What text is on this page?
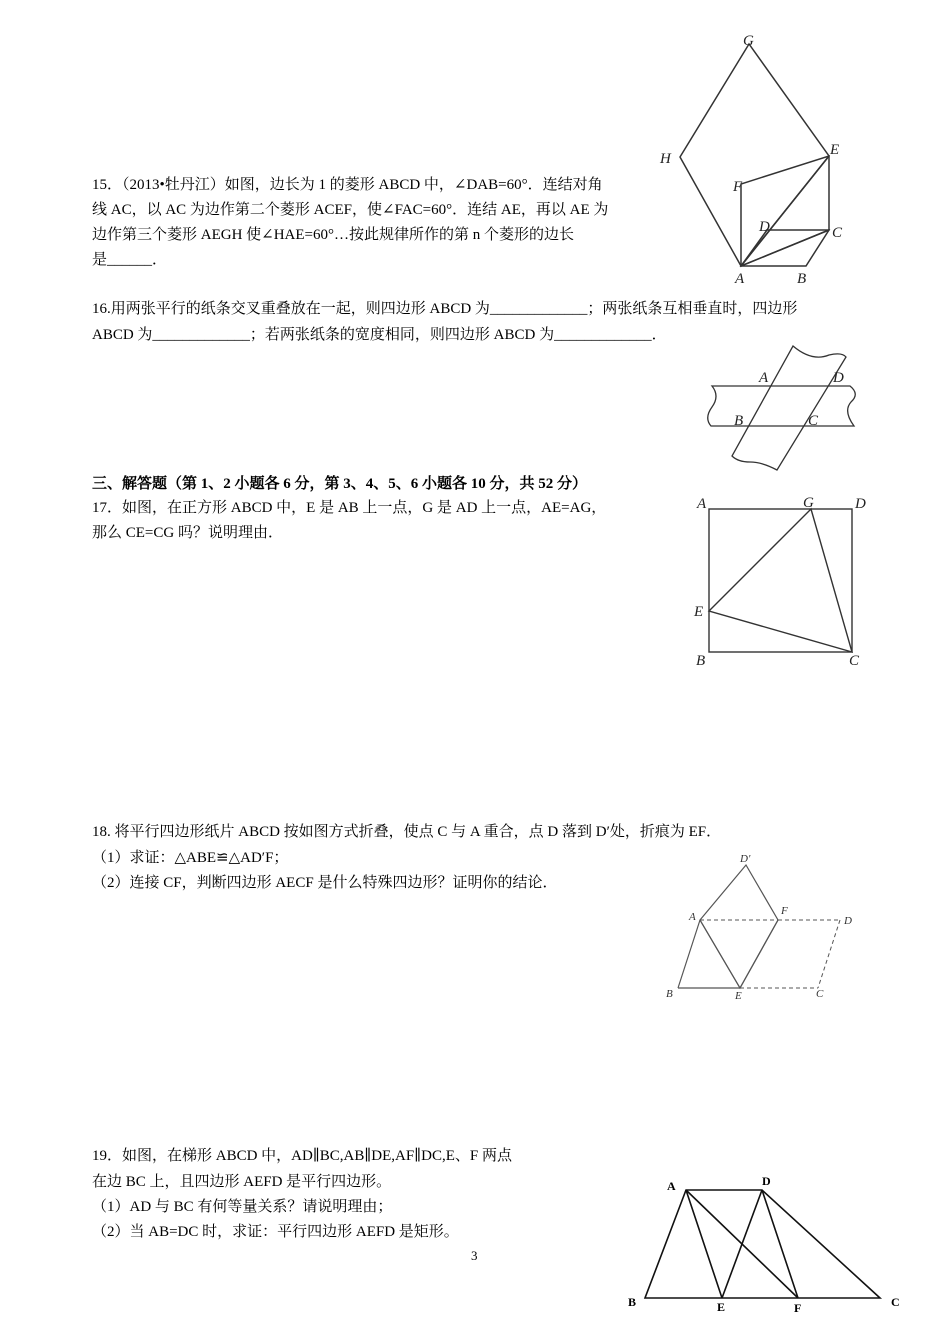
15．（2013•牡丹江）如图，边长为 1 的菱形 ABCD 中，∠DAB=60°．连结对角
线 AC，以 AC 为边作第二个菱形 ACEF，使∠FAC=60°．连结 AE，再以 AE 为
边作第三个菱形 AEGH 使∠HAE=60°…按此规律所作的第 n 个菱形的边长
是______．
G
H
E
F
D	C
A	B
16.用两张平行的纸条交叉重叠放在一起，则四边形 ABCD 为_____________；两张纸条互相垂直时，四边形
ABCD 为_____________；若两张纸条的宽度相同，则四边形 ABCD 为_____________．
A	D
B	C
三、解答题（第 1、2 小题各 6 分，第 3、4、5、6 小题各 10 分，共 52 分）
17．如图，在正方形 ABCD 中，E 是 AB 上一点，G 是 AD 上一点，AE=AG，
那么 CE=CG 吗？说明理由．
A	G	D
E
B	C
18. 将平行四边形纸片 ABCD 按如图方式折叠，使点 C 与 A 重合，点 D 落到 D′处，折痕为 EF．
（1）求证：△ABE≌△AD′F；
（2）连接 CF，判断四边形 AECF 是什么特殊四边形？证明你的结论．
D'
A	F
D
B	E	C
19．如图，在梯形 ABCD 中，AD∥BC,AB∥DE,AF∥DC,E、F 两点
在边 BC 上，且四边形 AEFD 是平行四边形。
（1）AD 与 BC 有何等量关系？请说明理由；
（2）当 AB=DC 时，求证：平行四边形 AEFD 是矩形。
A	D
B	E	F	C
3
